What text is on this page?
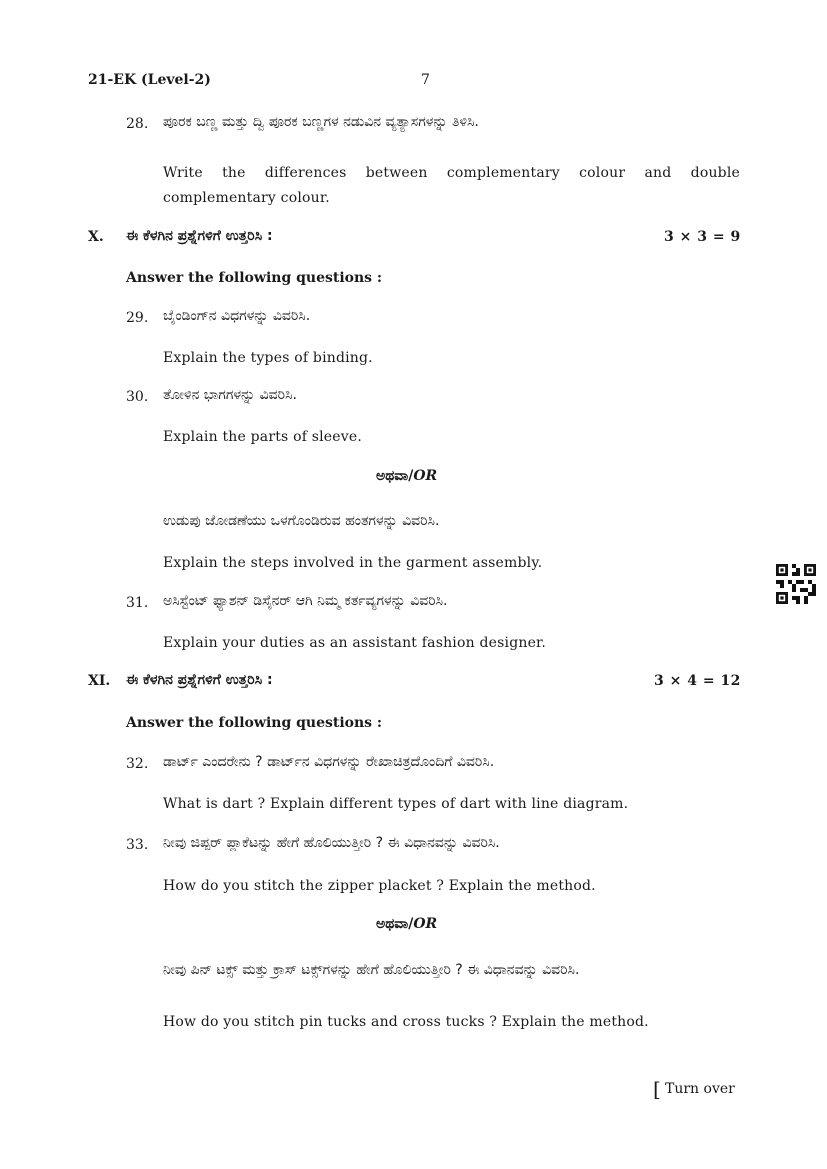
21-EK (Level-2)	7
28. ಪೂರಕ ಬಣ್ಣ ಮತ್ತು ದ್ವಿ ಪೂರಕ ಬಣ್ಣಗಳ ನಡುವಿನ ವ್ಯತ್ಯಾಸಗಳನ್ನು ತಿಳಿಸಿ.
Write the differences between complementary colour and double
complementary colour.
X. ಈ ಕೆಳಗಿನ ಪ್ರಶ್ನೆಗಳಿಗೆ ಉತ್ತರಿಸಿ :	3 × 3 = 9
Answer the following questions :
29. ಬೈಂಡಿಂಗ್‌ನ ವಿಧಗಳನ್ನು ವಿವರಿಸಿ.
Explain the types of binding.
30. ತೋಳಿನ ಭಾಗಗಳನ್ನು ವಿವರಿಸಿ.
Explain the parts of sleeve.
ಅಥವಾ/OR
ಉಡುಪು ಜೋಡಣೆಯು ಒಳಗೊಂಡಿರುವ ಹಂತಗಳನ್ನು ವಿವರಿಸಿ.
Explain the steps involved in the garment assembly.
31. ಅಸಿಸ್ಟೆಂಟ್ ಫ್ಯಾಶನ್ ಡಿಸೈನರ್ ಆಗಿ ನಿಮ್ಮ ಕರ್ತವ್ಯಗಳನ್ನು ವಿವರಿಸಿ.
Explain your duties as an assistant fashion designer.
XI. ಈ ಕೆಳಗಿನ ಪ್ರಶ್ನೆಗಳಿಗೆ ಉತ್ತರಿಸಿ :	3 × 4 = 12
Answer the following questions :
32. ಡಾರ್ಟ್ ಎಂದರೇನು ? ಡಾರ್ಟ್‌ನ ವಿಧಗಳನ್ನು ರೇಖಾಚಿತ್ರದೊಂದಿಗೆ ವಿವರಿಸಿ.
What is dart ? Explain different types of dart with line diagram.
33. ನೀವು ಜಿಪ್ಪರ್ ಪ್ಲಾಕೆಟನ್ನು ಹೇಗೆ ಹೊಲಿಯುತ್ತೀರಿ ? ಈ ವಿಧಾನವನ್ನು ವಿವರಿಸಿ.
How do you stitch the zipper placket ? Explain the method.
ಅಥವಾ/OR
ನೀವು ಪಿನ್ ಟಕ್ಸ್ ಮತ್ತು ಕ್ರಾಸ್ ಟಕ್ಸ್‌ಗಳನ್ನು ಹೇಗೆ ಹೊಲಿಯುತ್ತೀರಿ ? ಈ ವಿಧಾನವನ್ನು ವಿವರಿಸಿ.
How do you stitch pin tucks and cross tucks ? Explain the method.
[ Turn over
